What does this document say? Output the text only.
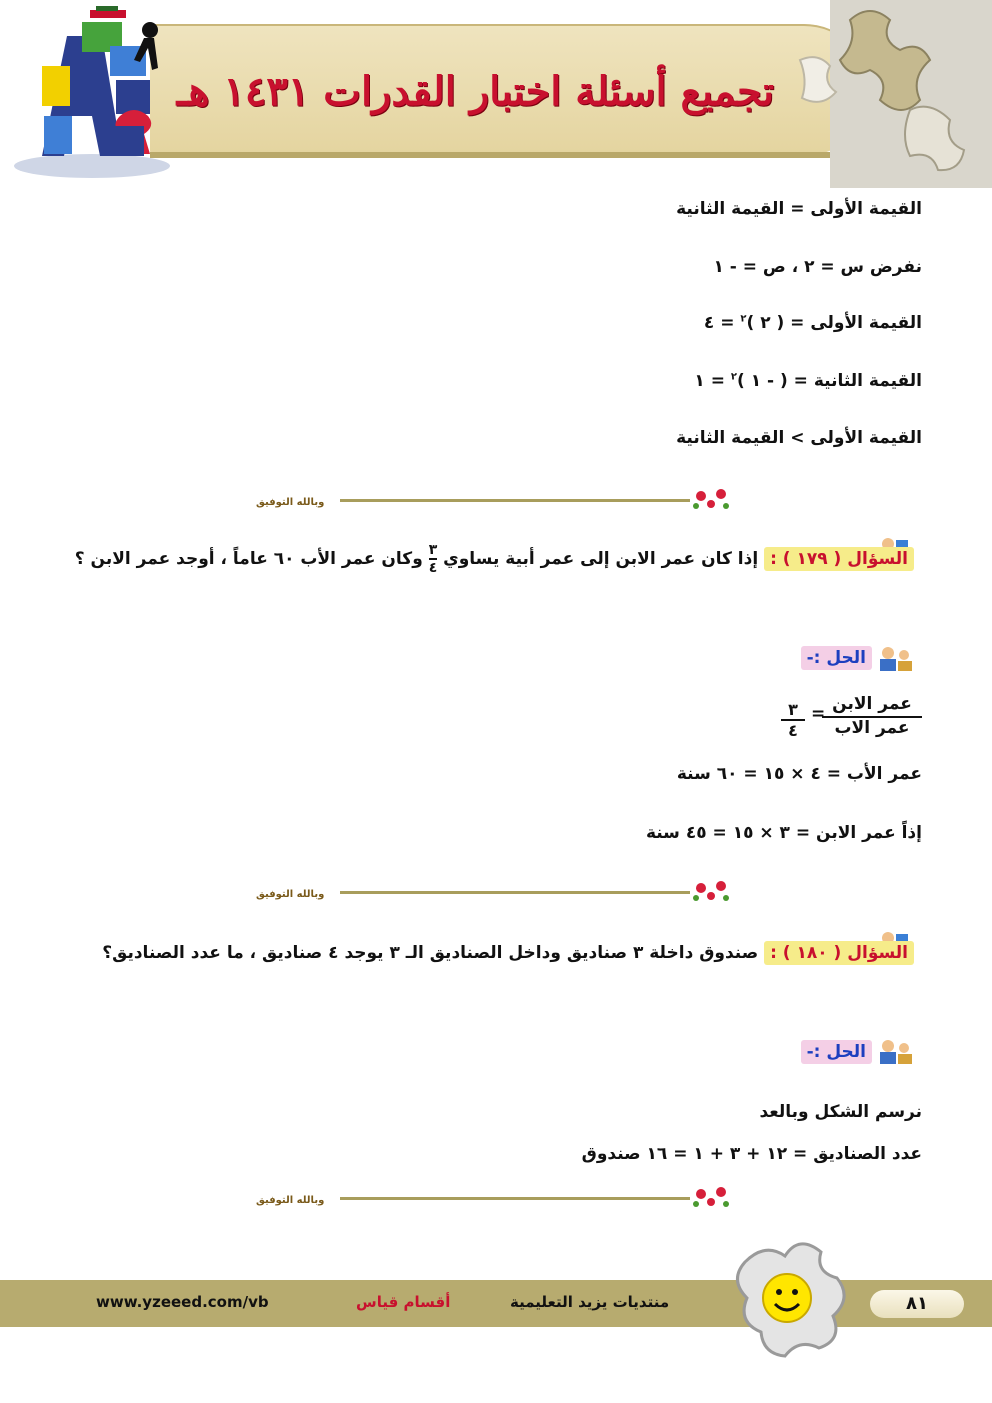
تجميع أسئلة اختبار القدرات ١٤٣١ هـ
القيمة الأولى = القيمة الثانية
نفرض س = ٢ ، ص = - ١
القيمة الأولى = ( ٢ )$^٢$ = ٤
القيمة الثانية = ( - ١ )$^٢$ = ١
القيمة الأولى > القيمة الثانية
وبالله التوفيق
السؤال ( ١٧٩ ) : إذا كان عمر الابن إلى عمر أبية يساوي
٣
٤
وكان عمر الأب ٦٠ عاماً ، أوجد عمر الابن ؟
الحل :-
عمر الابن
عمر الاب
=
٣
٤
عمر الأب = ٤ × ١٥ = ٦٠ سنة
إذاً عمر الابن = ٣ × ١٥ = ٤٥ سنة
وبالله التوفيق
السؤال ( ١٨٠ ) : صندوق داخلة ٣ صناديق وداخل الصناديق الـ ٣ يوجد ٤ صناديق ، ما عدد الصناديق؟
الحل :-
نرسم الشكل وبالعد
عدد الصناديق = ١٢ + ٣ + ١ = ١٦ صندوق
وبالله التوفيق
www.yzeeed.com/vb	أقسام قياس	منتديات يزيد التعليمية	٨١
